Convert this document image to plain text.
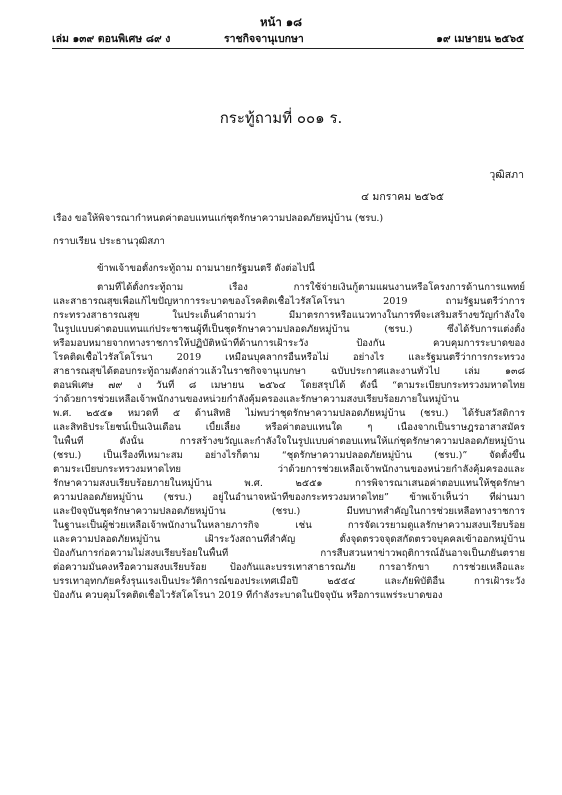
หน้า ๑๘
เล่ม ๑๓๙ ตอนพิเศษ ๘๙ ง	ราชกิจจานุเบกษา	๑๙ เมษายน ๒๕๖๕
กระทู้ถามที่ ๐๐๑ ร.
วุฒิสภา
๔ มกราคม ๒๕๖๕
เรื่อง ขอให้พิจารณากำหนดค่าตอบแทนแก่ชุดรักษาความปลอดภัยหมู่บ้าน (ชรบ.)
กราบเรียน ประธานวุฒิสภา
ข้าพเจ้าขอตั้งกระทู้ถาม ถามนายกรัฐมนตรี ดังต่อไปนี้
ตามที่ได้ตั้งกระทู้ถาม เรื่อง การใช้จ่ายเงินกู้ตามแผนงานหรือโครงการด้านการแพทย์
และสาธารณสุขเพื่อแก้ไขปัญหาการระบาดของโรคติดเชื้อไวรัสโคโรนา 2019 ถามรัฐมนตรีว่าการ
กระทรวงสาธารณสุข ในประเด็นคำถามว่า มีมาตรการหรือแนวทางในการที่จะเสริมสร้างขวัญกำลังใจ
ในรูปแบบค่าตอบแทนแก่ประชาชนผู้ที่เป็นชุดรักษาความปลอดภัยหมู่บ้าน (ชรบ.) ซึ่งได้รับการแต่งตั้ง
หรือมอบหมายจากทางราชการให้ปฏิบัติหน้าที่ด้านการเฝ้าระวัง ป้องกัน ควบคุมการระบาดของ
โรคติดเชื้อไวรัสโคโรนา 2019 เหมือนบุคลากรอื่นหรือไม่ อย่างไร และรัฐมนตรีว่าการกระทรวง
สาธารณสุขได้ตอบกระทู้ถามดังกล่าวแล้วในราชกิจจานุเบกษา ฉบับประกาศและงานทั่วไป เล่ม ๑๓๘
ตอนพิเศษ ๗๙ ง วันที่ ๘ เมษายน ๒๕๖๔ โดยสรุปได้ ดังนี้ “ตามระเบียบกระทรวงมหาดไทย
ว่าด้วยการช่วยเหลือเจ้าพนักงานของหน่วยกำลังคุ้มครองและรักษาความสงบเรียบร้อยภายในหมู่บ้าน
พ.ศ. ๒๕๕๑ หมวดที่ ๕ ด้านสิทธิ ไม่พบว่าชุดรักษาความปลอดภัยหมู่บ้าน (ชรบ.) ได้รับสวัสดิการ
และสิทธิประโยชน์เป็นเงินเดือน เบี้ยเลี้ยง หรือค่าตอบแทนใด ๆ เนื่องจากเป็นราษฎรอาสาสมัคร
ในพื้นที่ ดังนั้น การสร้างขวัญและกำลังใจในรูปแบบค่าตอบแทนให้แก่ชุดรักษาความปลอดภัยหมู่บ้าน
(ชรบ.) เป็นเรื่องที่เหมาะสม อย่างไรก็ตาม “ชุดรักษาความปลอดภัยหมู่บ้าน (ชรบ.)” จัดตั้งขึ้น
ตามระเบียบกระทรวงมหาดไทย ว่าด้วยการช่วยเหลือเจ้าพนักงานของหน่วยกำลังคุ้มครองและ
รักษาความสงบเรียบร้อยภายในหมู่บ้าน พ.ศ. ๒๕๕๑ การพิจารณาเสนอค่าตอบแทนให้ชุดรักษา
ความปลอดภัยหมู่บ้าน (ชรบ.) อยู่ในอำนาจหน้าที่ของกระทรวงมหาดไทย” ข้าพเจ้าเห็นว่า ที่ผ่านมา
และปัจจุบันชุดรักษาความปลอดภัยหมู่บ้าน (ชรบ.) มีบทบาทสำคัญในการช่วยเหลือทางราชการ
ในฐานะเป็นผู้ช่วยเหลือเจ้าพนักงานในหลายภารกิจ เช่น การจัดเวรยามดูแลรักษาความสงบเรียบร้อย
และความปลอดภัยหมู่บ้าน เฝ้าระวังสถานที่สำคัญ ตั้งจุดตรวจจุดสกัดตรวจบุคคลเข้าออกหมู่บ้าน
ป้องกันการก่อความไม่สงบเรียบร้อยในพื้นที่ การสืบสวนหาข่าวพฤติการณ์อันอาจเป็นภยันตราย
ต่อความมั่นคงหรือความสงบเรียบร้อย ป้องกันและบรรเทาสาธารณภัย การอารักขา การช่วยเหลือและ
บรรเทาอุทกภัยครั้งรุนแรงเป็นประวัติการณ์ของประเทศเมื่อปี ๒๕๕๔ และภัยพิบัติอื่น การเฝ้าระวัง
ป้องกัน ควบคุมโรคติดเชื้อไวรัสโคโรนา 2019 ที่กำลังระบาดในปัจจุบัน หรือการแพร่ระบาดของ
